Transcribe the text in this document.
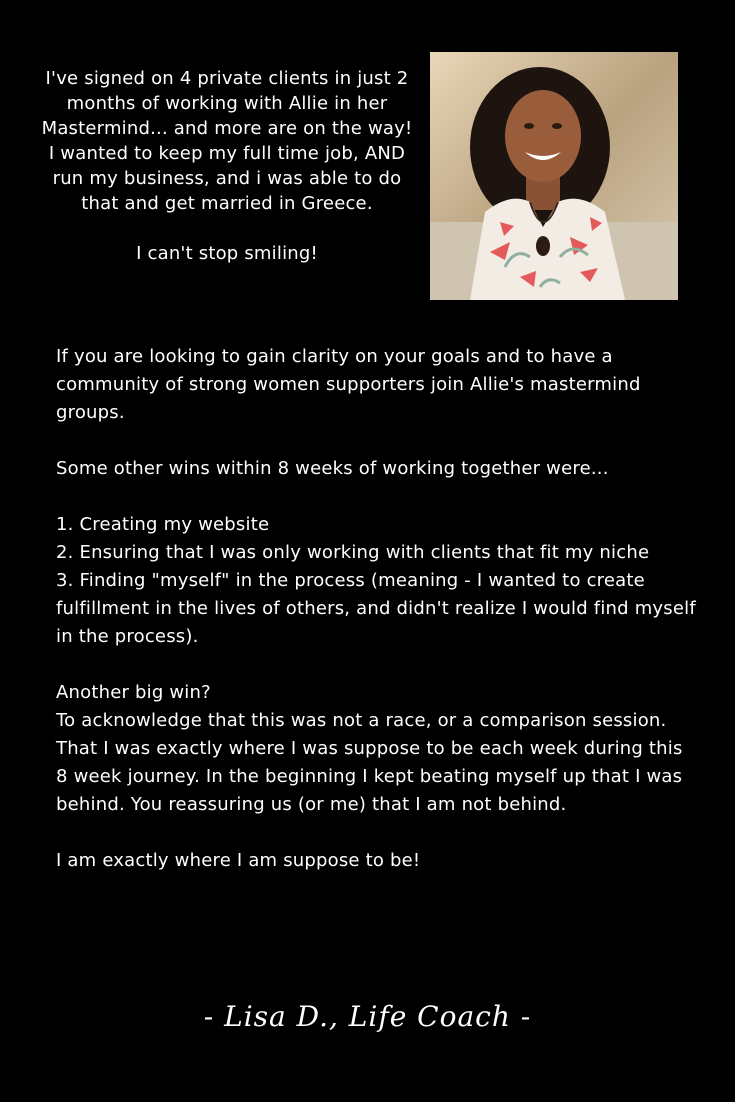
I've signed on 4 private clients in just 2 months of working with Allie in her Mastermind... and more are on the way! I wanted to keep my full time job, AND run my business, and i was able to do that and get married in Greece.

I can't stop smiling!

If you are looking to gain clarity on your goals and to have a community of strong women supporters join Allie's mastermind groups.

Some other wins within 8 weeks of working together were...

1. Creating my website

2. Ensuring that I was only working with clients that fit my niche

3. Finding "myself" in the process (meaning - I wanted to create fulfillment in the lives of others, and didn't realize I would find myself in the process).

Another big win?

To acknowledge that this was not a race, or a comparison session. That I was exactly where I was suppose to be each week during this 8 week journey. In the beginning I kept beating myself up that I was behind. You reassuring us (or me) that I am not behind.

I am exactly where I am suppose to be!

- Lisa D., Life Coach -
